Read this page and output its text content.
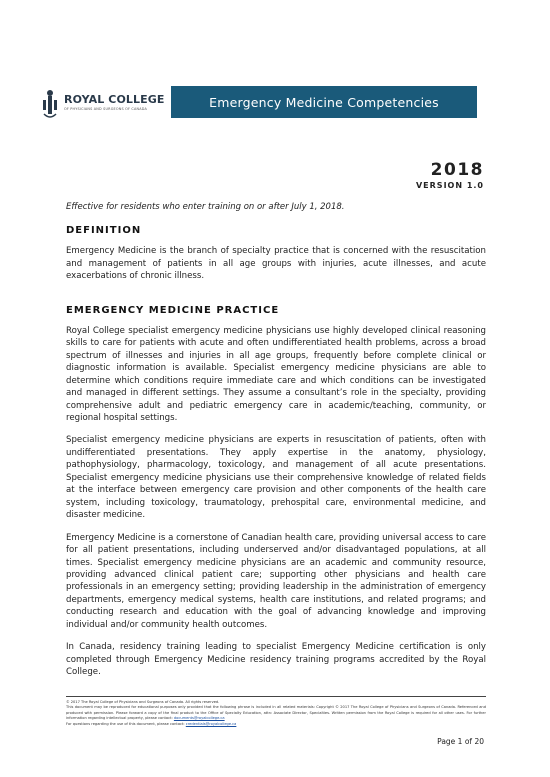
ROYAL COLLEGE
OF PHYSICIANS AND SURGEONS OF CANADA	Emergency Medicine Competencies
2018
VERSION 1.0

Effective for residents who enter training on or after July 1, 2018.

DEFINITION

Emergency Medicine is the branch of specialty practice that is concerned with the resuscitation and management of patients in all age groups with injuries, acute illnesses, and acute exacerbations of chronic illness.

EMERGENCY MEDICINE PRACTICE

Royal College specialist emergency medicine physicians use highly developed clinical reasoning skills to care for patients with acute and often undifferentiated health problems, across a broad spectrum of illnesses and injuries in all age groups, frequently before complete clinical or diagnostic information is available. Specialist emergency medicine physicians are able to determine which conditions require immediate care and which conditions can be investigated and managed in different settings. They assume a consultant’s role in the specialty, providing comprehensive adult and pediatric emergency care in academic/teaching, community, or regional hospital settings.

Specialist emergency medicine physicians are experts in resuscitation of patients, often with undifferentiated presentations. They apply expertise in the anatomy, physiology, pathophysiology, pharmacology, toxicology, and management of all acute presentations. Specialist emergency medicine physicians use their comprehensive knowledge of related fields at the interface between emergency care provision and other components of the health care system, including toxicology, traumatology, prehospital care, environmental medicine, and disaster medicine.

Emergency Medicine is a cornerstone of Canadian health care, providing universal access to care for all patient presentations, including underserved and/or disadvantaged populations, at all times. Specialist emergency medicine physicians are an academic and community resource, providing advanced clinical patient care; supporting other physicians and health care professionals in an emergency setting; providing leadership in the administration of emergency departments, emergency medical systems, health care institutions, and related programs; and conducting research and education with the goal of advancing knowledge and improving individual and/or community health outcomes.

In Canada, residency training leading to specialist Emergency Medicine certification is only completed through Emergency Medicine residency training programs accredited by the Royal College.

© 2017 The Royal College of Physicians and Surgeons of Canada. All rights reserved.
This document may be reproduced for educational purposes only provided that the following phrase is included in all related materials: Copyright © 2017 The Royal College of Physicians and Surgeons of Canada. Referenced and produced with permission. Please forward a copy of the final product to the Office of Specialty Education, attn: Associate Director, Specialties. Written permission from the Royal College is required for all other uses. For further information regarding intellectual property, please contact: documents@royalcollege.ca
For questions regarding the use of this document, please contact: credentials@royalcollege.ca
Page 1 of 20
